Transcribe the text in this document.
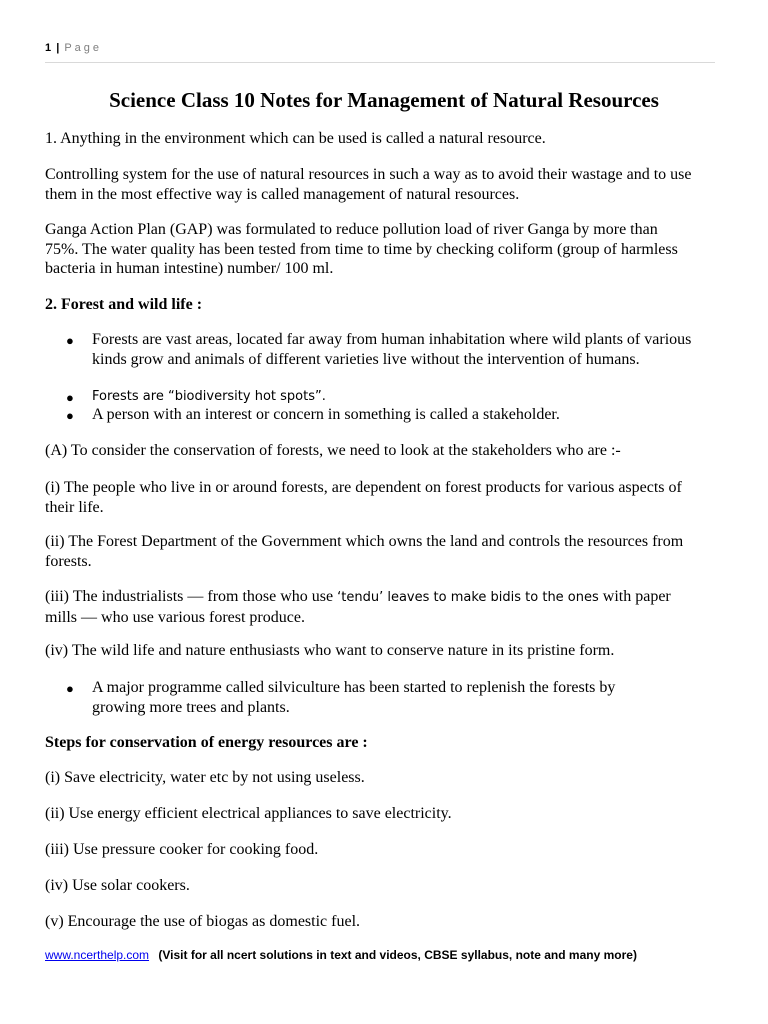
1 | Page
Science Class 10 Notes for Management of Natural Resources

1. Anything in the environment which can be used is called a natural resource.

Controlling system for the use of natural resources in such a way as to avoid their wastage and to use them in the most effective way is called management of natural resources.

Ganga Action Plan (GAP) was formulated to reduce pollution load of river Ganga by more than 75%. The water quality has been tested from time to time by checking coliform (group of harmless bacteria in human intestine) number/ 100 ml.

2. Forest and wild life :

● Forests are vast areas, located far away from human inhabitation where wild plants of various kinds grow and animals of different varieties live without the intervention of humans.
● Forests are “biodiversity hot spots”.
● A person with an interest or concern in something is called a stakeholder.

(A) To consider the conservation of forests, we need to look at the stakeholders who are :-

(i) The people who live in or around forests, are dependent on forest products for various aspects of their life.

(ii) The Forest Department of the Government which owns the land and controls the resources from forests.

(iii) The industrialists — from those who use ‘tendu’ leaves to make bidis to the ones with paper mills — who use various forest produce.

(iv) The wild life and nature enthusiasts who want to conserve nature in its pristine form.

● A major programme called silviculture has been started to replenish the forests by growing more trees and plants.

Steps for conservation of energy resources are :

(i) Save electricity, water etc by not using useless.

(ii) Use energy efficient electrical appliances to save electricity.

(iii) Use pressure cooker for cooking food.

(iv) Use solar cookers.

(v) Encourage the use of biogas as domestic fuel.

www.ncerthelp.com (Visit for all ncert solutions in text and videos, CBSE syllabus, note and many more)
